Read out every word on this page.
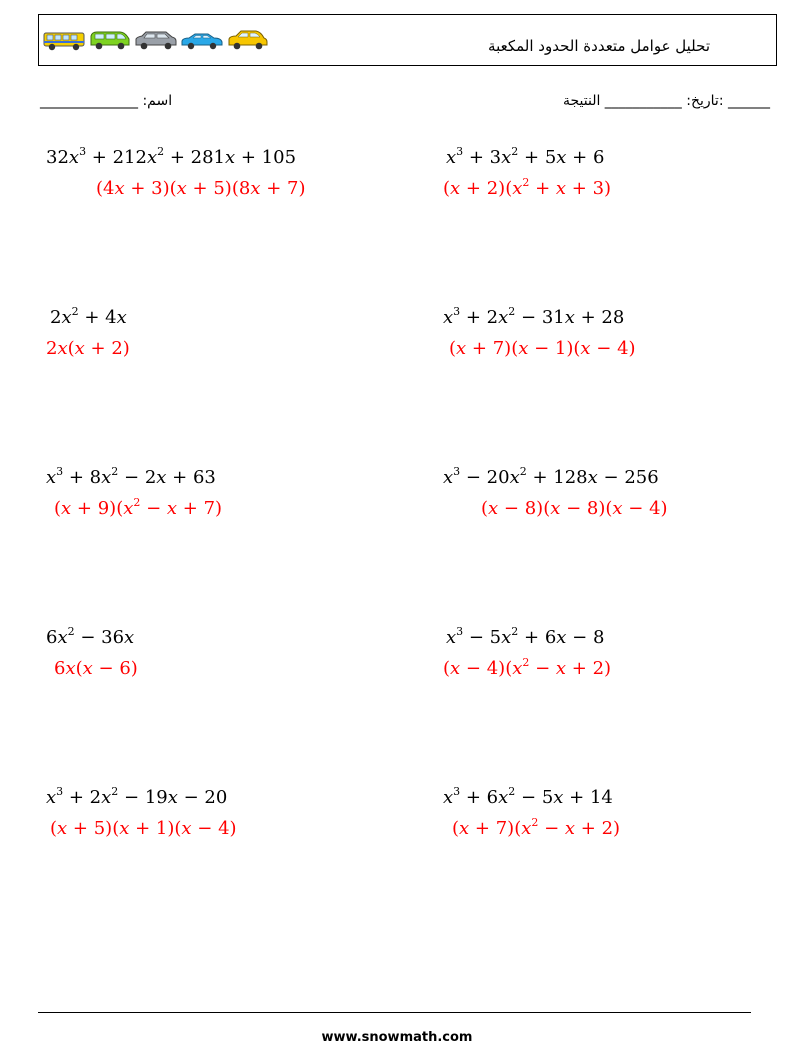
تحليل عوامل متعددة الحدود المكعبة
اسم: ______________	______ :تاريخ: ___________ النتيجة
$32x^3 + 212x^2 + 281x + 105$
(4x + 3)(x + 5)(8x + 7)
$x^3 + 3x^2 + 5x + 6$
$(x + 2)(x^2 + x + 3)$
$2x^2 + 4x$
2x(x + 2)
$x^3 + 2x^2 - 31x + 28$
(x + 7)(x − 1)(x − 4)
$x^3 + 8x^2 - 2x + 63$
$(x + 9)(x^2 - x + 7)$
$x^3 - 20x^2 + 128x - 256$
(x − 8)(x − 8)(x − 4)
$6x^2 - 36x$
6x(x − 6)
$x^3 - 5x^2 + 6x - 8$
$(x - 4)(x^2 - x + 2)$
$x^3 + 2x^2 - 19x - 20$
(x + 5)(x + 1)(x − 4)
$x^3 + 6x^2 - 5x + 14$
$(x + 7)(x^2 - x + 2)$
www.snowmath.com
